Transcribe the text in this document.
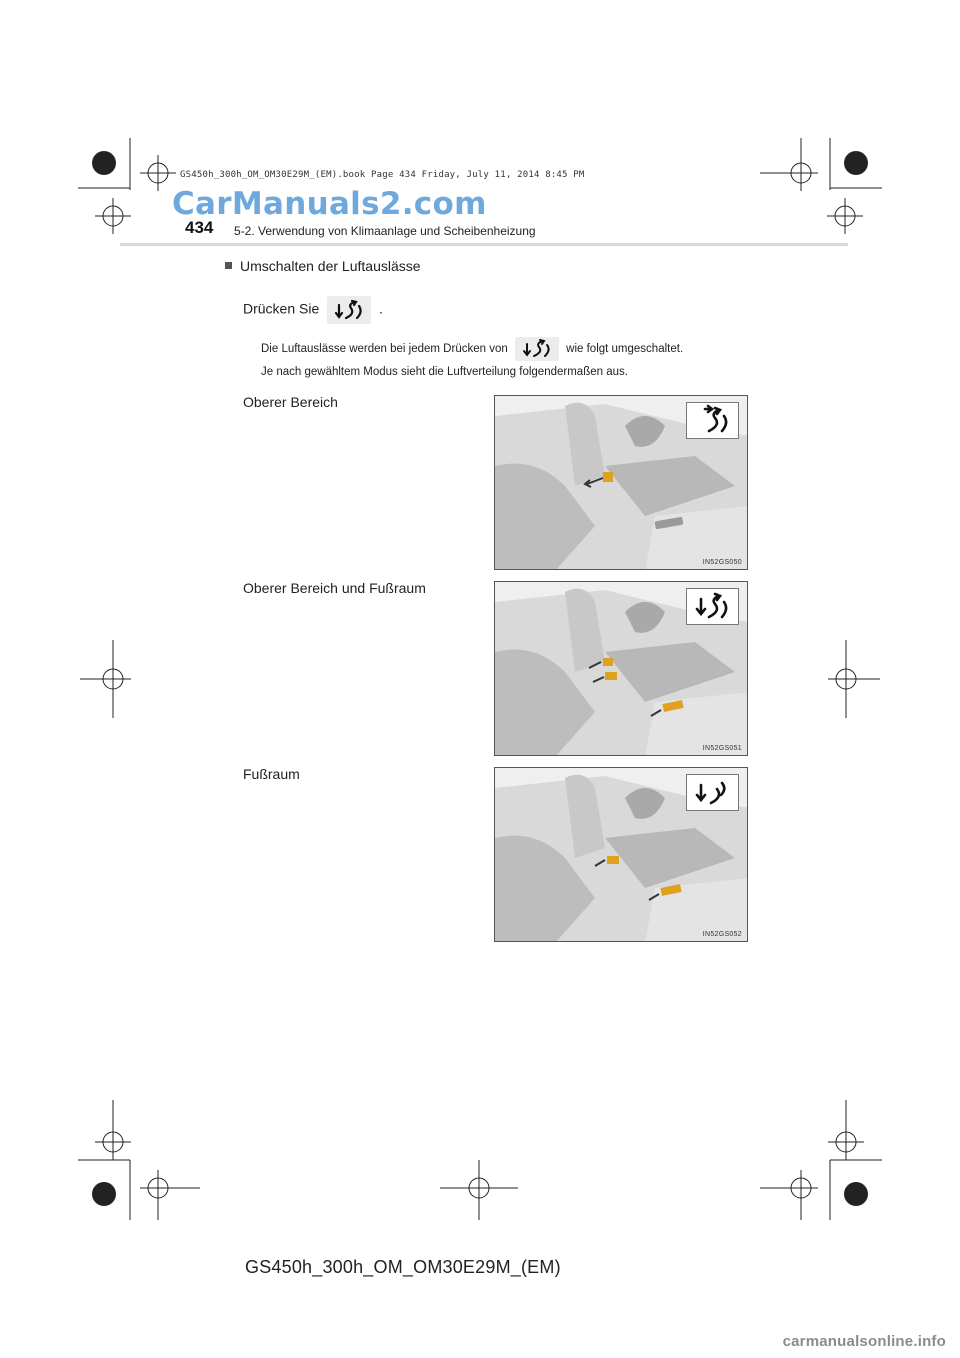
GS450h_300h_OM_OM30E29M_(EM).book Page 434 Friday, July 11, 2014 8:45 PM
CarManuals2.com
434 5-2. Verwendung von Klimaanlage und Scheibenheizung
Umschalten der Luftauslässe
Drücken Sie	.
Die Luftauslässe werden bei jedem Drücken von	wie folgt umgeschaltet.
Je nach gewähltem Modus sieht die Luftverteilung folgendermaßen aus.
Oberer Bereich
Oberer Bereich und Fußraum
Fußraum
IN52GS050
IN52GS051
IN52GS052
GS450h_300h_OM_OM30E29M_(EM)
carmanualsonline.info
